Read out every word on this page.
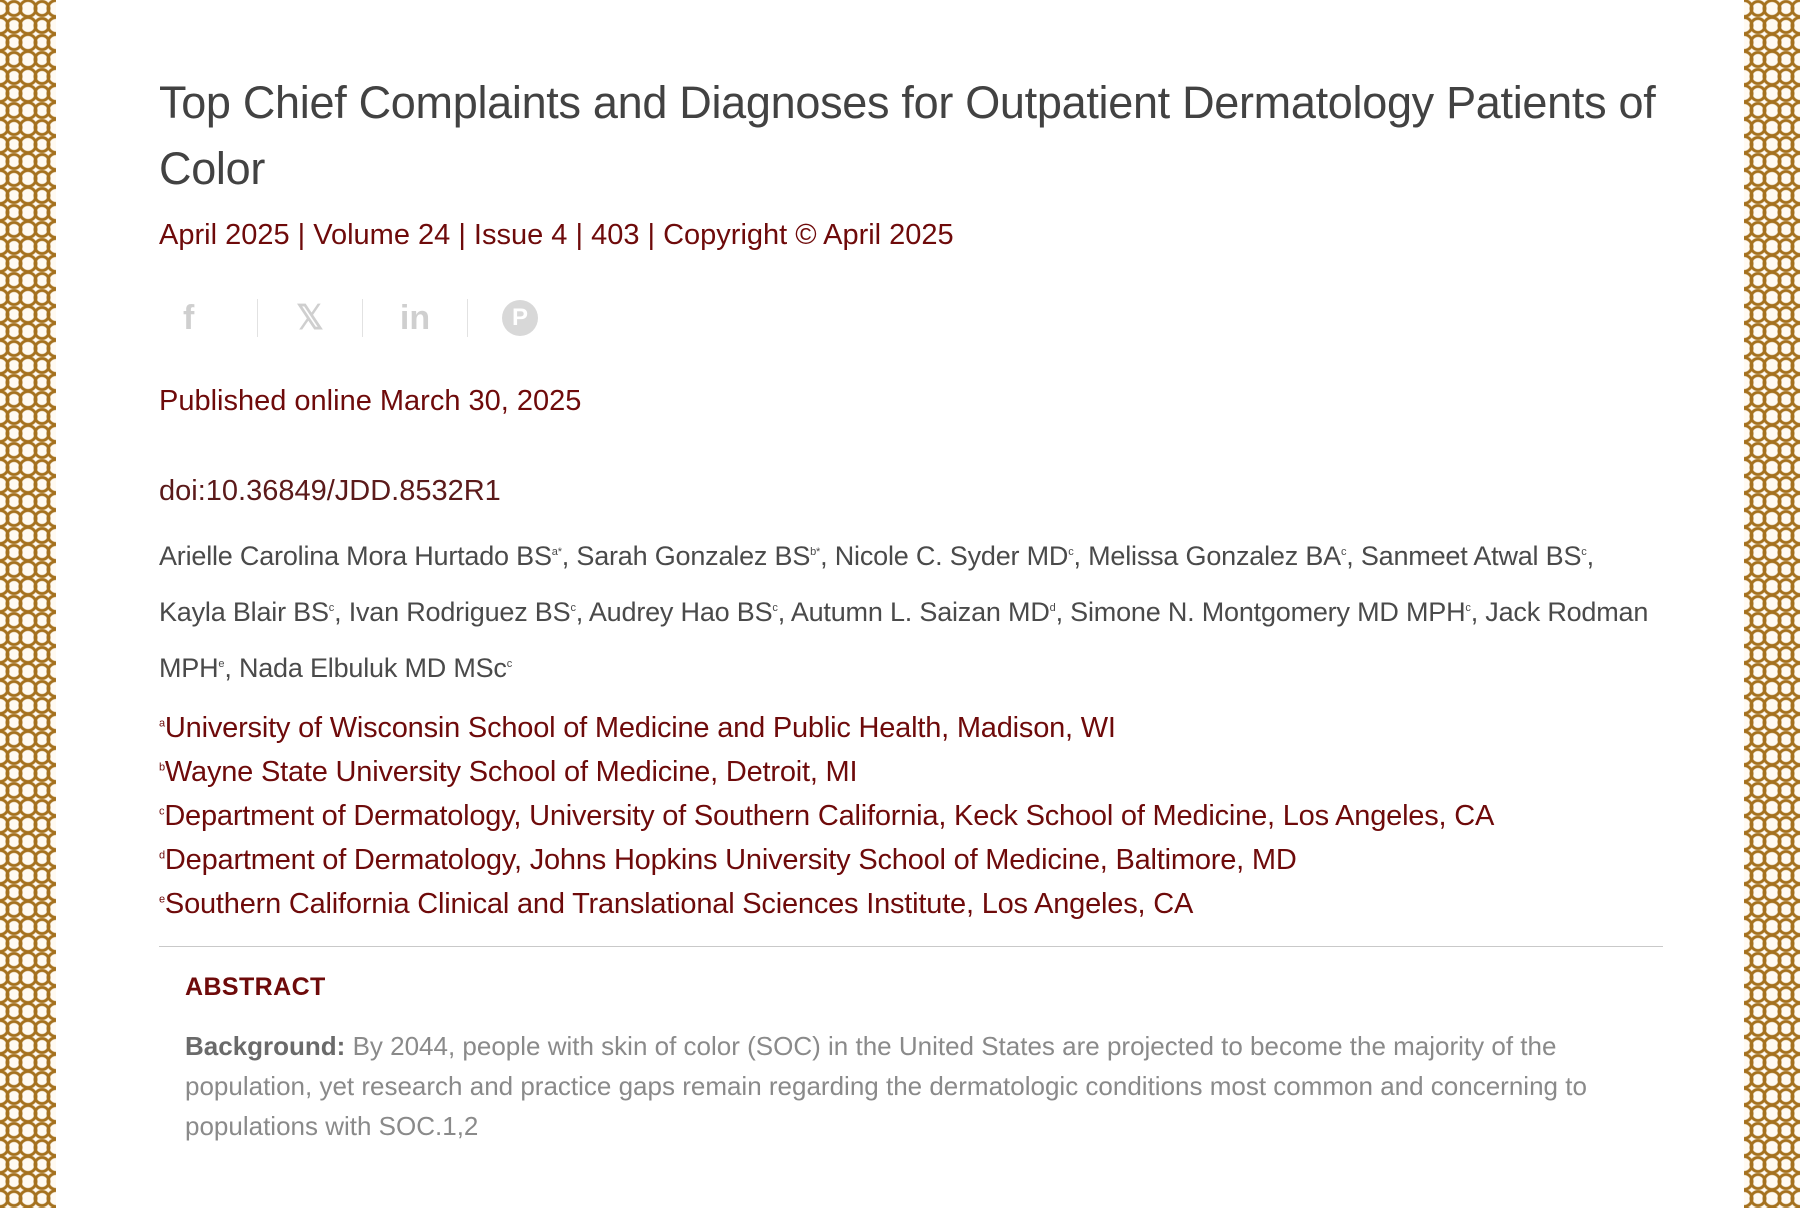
Top Chief Complaints and Diagnoses for Outpatient Dermatology Patients of Color
April 2025 | Volume 24 | Issue 4 | 403 | Copyright © April 2025
f	𝕏	in	P
Published online March 30, 2025
doi:10.36849/JDD.8532R1
Arielle Carolina Mora Hurtado $BS^{a*}$, Sarah Gonzalez $BS^{b*}$, Nicole C. Syder $MD^c$, Melissa Gonzalez $BA^c$, Sanmeet Atwal $BS^c$, Kayla Blair $BS^c$, Ivan Rodriguez $BS^c$, Audrey Hao $BS^c$, Autumn L. Saizan $MD^d$, Simone N. Montgomery MD MPH$^c$, Jack Rodman MPH$^e$, Nada Elbuluk MD MSc$^c$
$^a$University of Wisconsin School of Medicine and Public Health, Madison, WI
$^b$Wayne State University School of Medicine, Detroit, MI
$^c$Department of Dermatology, University of Southern California, Keck School of Medicine, Los Angeles, CA
$^d$Department of Dermatology, Johns Hopkins University School of Medicine, Baltimore, MD
$^e$Southern California Clinical and Translational Sciences Institute, Los Angeles, CA
ABSTRACT
Background: By 2044, people with skin of color (SOC) in the United States are projected to become the majority of the population, yet research and practice gaps remain regarding the dermatologic conditions most common and concerning to populations with SOC.1,2
